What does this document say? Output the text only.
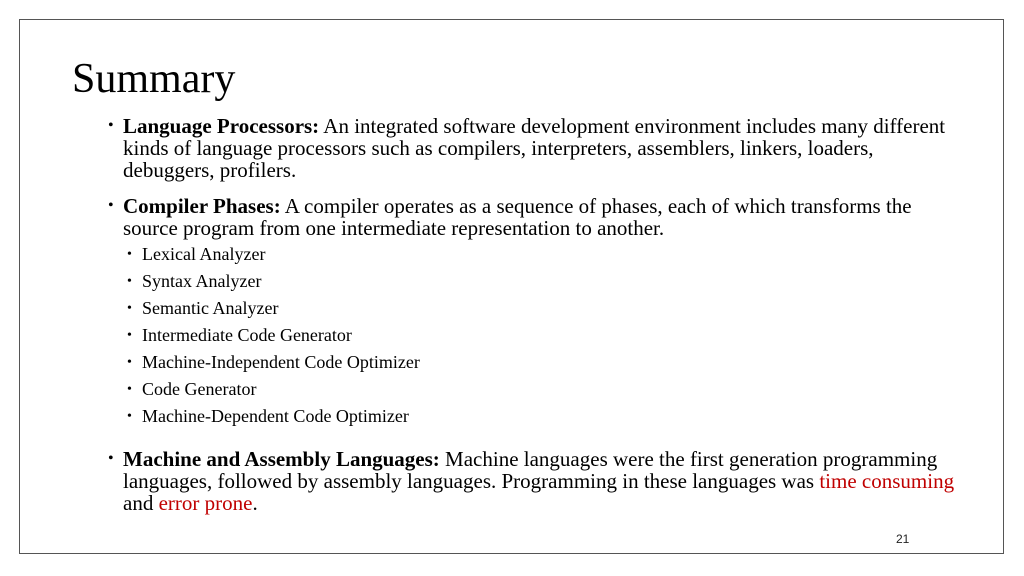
Summary
• Language Processors: An integrated software development environment includes many different kinds of language processors such as compilers, interpreters, assemblers, linkers, loaders, debuggers, profilers.
• Compiler Phases: A compiler operates as a sequence of phases, each of which transforms the source program from one intermediate representation to another.
• Lexical Analyzer
• Syntax Analyzer
• Semantic Analyzer
• Intermediate Code Generator
• Machine-Independent Code Optimizer
• Code Generator
• Machine-Dependent Code Optimizer
• Machine and Assembly Languages: Machine languages were the first generation programming languages, followed by assembly languages. Programming in these languages was time consuming and error prone.
21
